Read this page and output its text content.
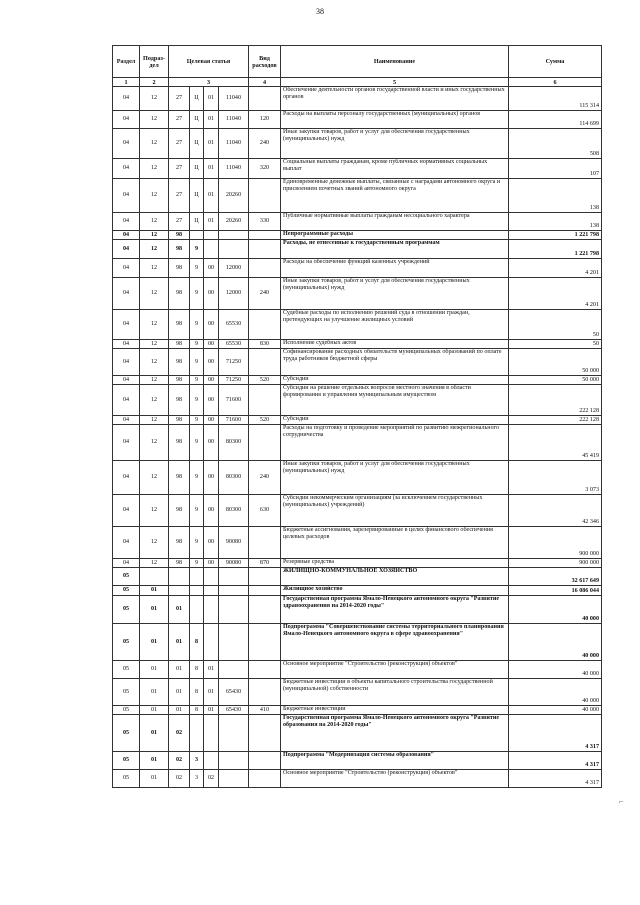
38
Раздел	Подраз-дел	Целевая статья				Вид расходов	Наименование	Сумма
1	2	3				4	5	6
04	12	27	Ц	01	11040		Обеспечение деятельности органов государственной власти и иных государственных органов	115 314
04	12	27	Ц	01	11040	120	Расходы на выплаты персоналу государственных (муниципальных) органов	114 699
04	12	27	Ц	01	11040	240	Иные закупки товаров, работ и услуг для обеспечения государственных (муниципальных) нужд	508
04	12	27	Ц	01	11040	320	Социальные выплаты гражданам, кроме публичных нормативных социальных выплат	107
04	12	27	Ц	01	20260		Единовременные денежные выплаты, связанные с наградами автономного округа и присвоением почетных званий автономного округа	138
04	12	27	Ц	01	20260	330	Публичные нормативные выплаты гражданам несоциального характера	138
04	12	98					Непрограммные расходы	1 221 798
04	12	98	9				Расходы, не отнесенные к государственным программам	1 221 798
04	12	98	9	00	12000		Расходы на обеспечение функций казенных учреждений	4 201
04	12	98	9	00	12000	240	Иные закупки товаров, работ и услуг для обеспечения государственных (муниципальных) нужд	4 201
04	12	98	9	00	65530		Судебные расходы по исполнению решений суда в отношении граждан, претендующих на улучшение жилищных условий	50
04	12	98	9	00	65530	830	Исполнение судебных актов	50
04	12	98	9	00	71250		Софинансирование расходных обязательств муниципальных образований по оплате труда работников бюджетной сферы	50 000
04	12	98	9	00	71250	520	Субсидии	50 000
04	12	98	9	00	71600		Субсидии на решение отдельных вопросов местного значения в области формирования и управления муниципальным имуществом	222 128
04	12	98	9	00	71600	520	Субсидии	222 128
04	12	98	9	00	80300		Расходы на подготовку и проведение мероприятий по развитию межрегионального сотрудничества	45 419
04	12	98	9	00	80300	240	Иные закупки товаров, работ и услуг для обеспечения государственных (муниципальных) нужд	3 073
04	12	98	9	00	80300	630	Субсидии некоммерческим организациям (за исключением государственных (муниципальных) учреждений)	42 346
04	12	98	9	00	90080		Бюджетные ассигнования, зарезервированные в целях финансового обеспечения целевых расходов	900 000
04	12	98	9	00	90080	870	Резервные средства	900 000
05							ЖИЛИЩНО-КОММУНАЛЬНОЕ ХОЗЯЙСТВО	32 617 649
05	01						Жилищное хозяйство	16 086 044
05	01	01					Государственная программа Ямало-Ненецкого автономного округа "Развитие здравоохранения на 2014-2020 годы"	40 000
05	01	01	8				Подпрограмма "Совершенствование системы территориального планирования Ямало-Ненецкого автономного округа в сфере здравоохранения"	40 000
05	01	01	8	01			Основное мероприятие "Строительство (реконструкция) объектов"	40 000
05	01	01	8	01	65430		Бюджетные инвестиции в объекты капитального строительства государственной (муниципальной) собственности	40 000
05	01	01	8	01	65430	410	Бюджетные инвестиции	40 000
05	01	02					Государственная программа Ямало-Ненецкого автономного округа "Развитие образования на 2014-2020 годы"	4 317
05	01	02	3				Подпрограмма "Модернизация системы образования"	4 317
05	01	02	3	02			Основное мероприятие "Строительство (реконструкция) объектов"	4 317
⌐
